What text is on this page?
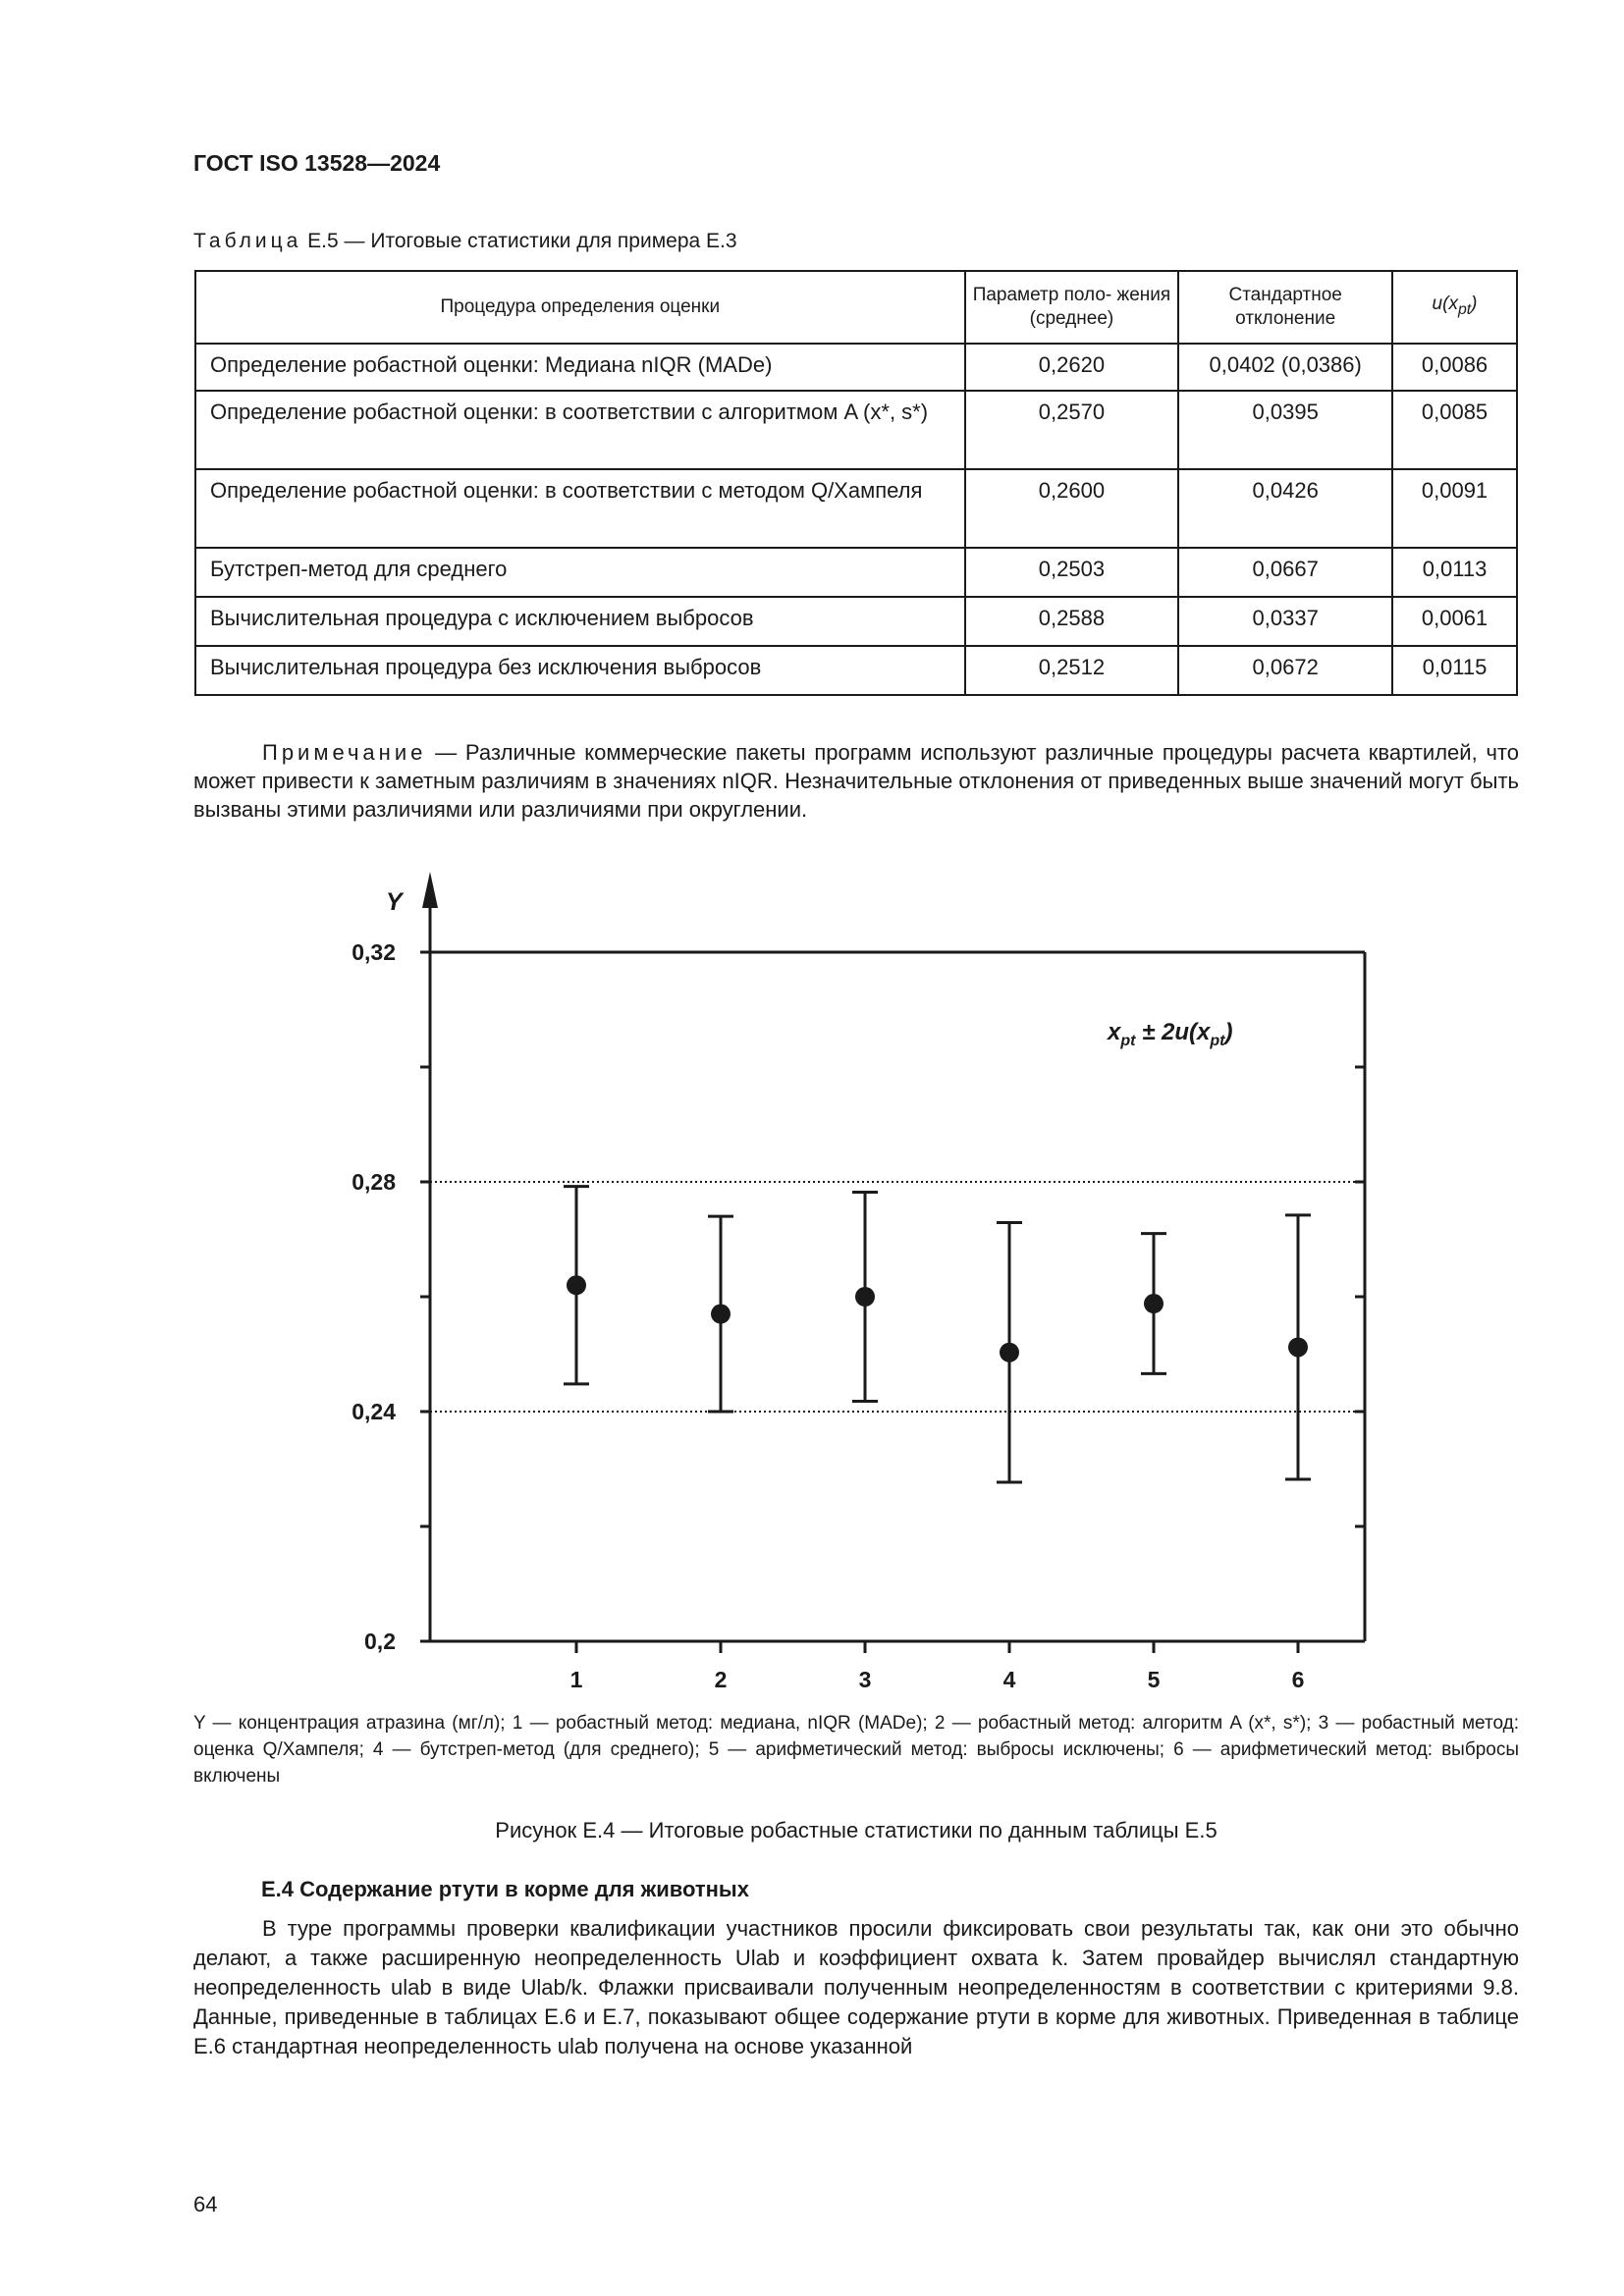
ГОСТ ISO 13528—2024
Таблица Е.5 — Итоговые статистики для примера Е.3
Процедура определения оценки	Параметр поло- жения (среднее)	Стандартное отклонение	$u(x_{pt})$
Определение робастной оценки: Медиана nIQR (MADe)	0,2620	0,0402 (0,0386)	0,0086
Определение робастной оценки: в соответствии с алгоритмом A (x*, s*)	0,2570	0,0395	0,0085
Определение робастной оценки: в соответствии с методом Q/Хампеля	0,2600	0,0426	0,0091
Бутстреп-метод для среднего	0,2503	0,0667	0,0113
Вычислительная процедура с исключением выбросов	0,2588	0,0337	0,0061
Вычислительная процедура без исключения выбросов	0,2512	0,0672	0,0115
Примечание — Различные коммерческие пакеты программ используют различные процедуры расчета квартилей, что может привести к заметным различиям в значениях nIQR. Незначительные отклонения от приведенных выше значений могут быть вызваны этими различиями или различиями при округлении.
Y
0,32
0,28
0,24
0,2
1	2	3	4	5	6
$x_{pt} \pm 2u(x_{pt})$
Y — концентрация атразина (мг/л); 1 — робастный метод: медиана, nIQR (MADe); 2 — робастный метод: алгоритм A (x*, s*); 3 — робастный метод: оценка Q/Хампеля; 4 — бутстреп-метод (для среднего); 5 — арифметический метод: выбросы исключены; 6 — арифметический метод: выбросы включены
Рисунок Е.4 — Итоговые робастные статистики по данным таблицы Е.5
Е.4 Содержание ртути в корме для животных
В туре программы проверки квалификации участников просили фиксировать свои результаты так, как они это обычно делают, а также расширенную неопределенность Ulab и коэффициент охвата k. Затем провайдер вычислял стандартную неопределенность ulab в виде Ulab/k. Флажки присваивали полученным неопределенностям в соответствии с критериями 9.8. Данные, приведенные в таблицах Е.6 и Е.7, показывают общее содержание ртути в корме для животных. Приведенная в таблице Е.6 стандартная неопределенность ulab получена на основе указанной
64
